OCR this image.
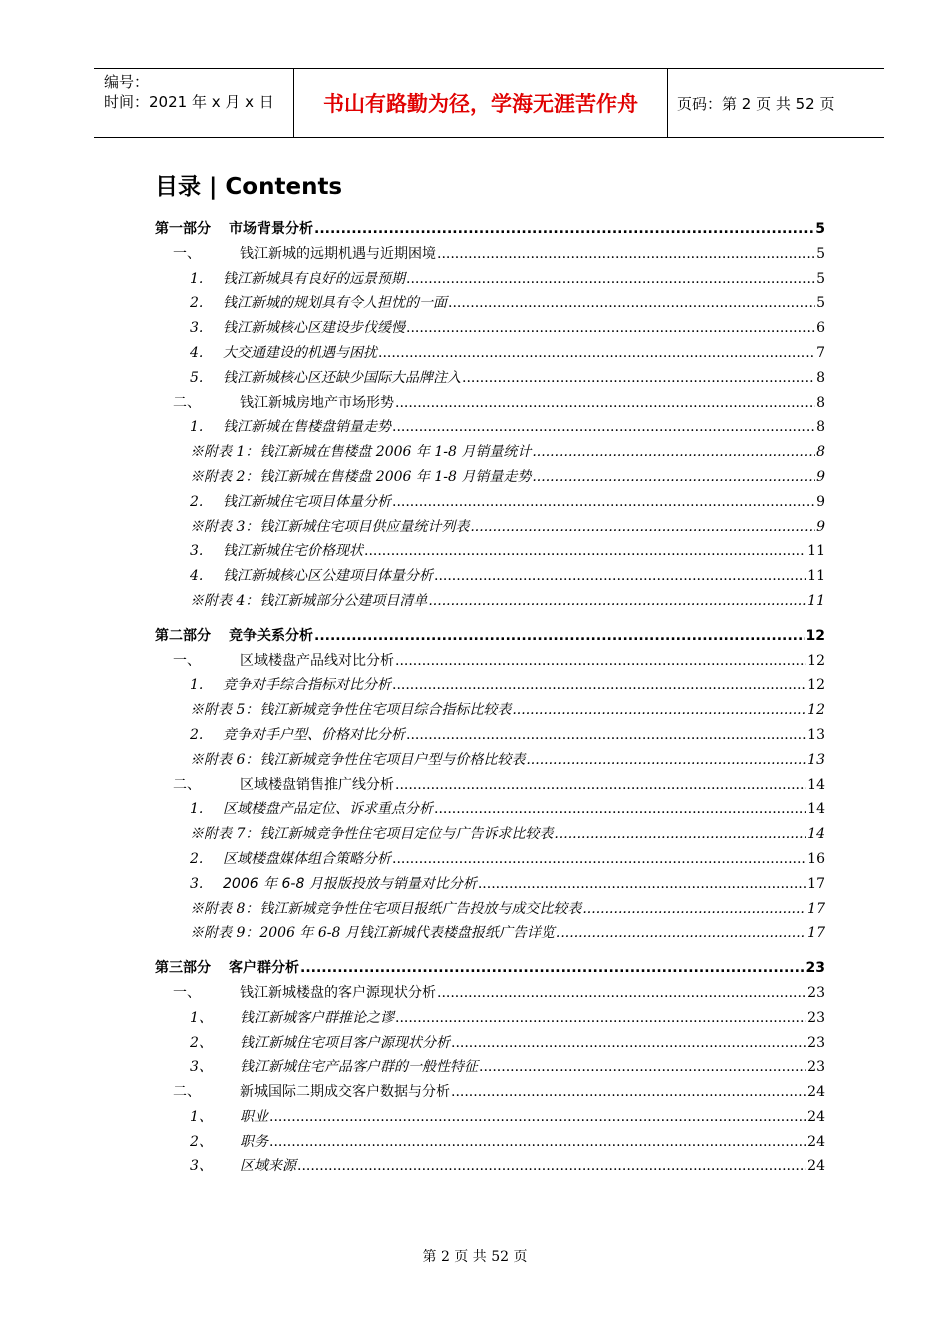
编号：
时间：2021 年 x 月 x 日	书山有路勤为径，学海无涯苦作舟	页码：第 2 页 共 52 页
目录 | Contents
第一部分	市场背景分析 .....	5
一、	钱江新城的远期机遇与近期困境 .....	5
1.	钱江新城具有良好的远景预期 .....	5
2.	钱江新城的规划具有令人担忧的一面 .....	5
3.	钱江新城核心区建设步伐缓慢 .....	6
4.	大交通建设的机遇与困扰 .....	7
5.	钱江新城核心区还缺少国际大品牌注入 .....	8
二、	钱江新城房地产市场形势 .....	8
1.	钱江新城在售楼盘销量走势 .....	8
※附表 1：钱江新城在售楼盘 2006 年 1-8 月销量统计 .....	8
※附表 2：钱江新城在售楼盘 2006 年 1-8 月销量走势 .....	9
2.	钱江新城住宅项目体量分析 .....	9
※附表 3：钱江新城住宅项目供应量统计列表 .....	9
3.	钱江新城住宅价格现状 .....	11
4.	钱江新城核心区公建项目体量分析 .....	11
※附表 4：钱江新城部分公建项目清单 .....	11
第二部分	竞争关系分析 .....	12
一、	区域楼盘产品线对比分析 .....	12
1.	竞争对手综合指标对比分析 .....	12
※附表 5：钱江新城竞争性住宅项目综合指标比较表 .....	12
2.	竞争对手户型、价格对比分析 .....	13
※附表 6：钱江新城竞争性住宅项目户型与价格比较表 .....	13
二、	区域楼盘销售推广线分析 .....	14
1.	区域楼盘产品定位、诉求重点分析 .....	14
※附表 7：钱江新城竞争性住宅项目定位与广告诉求比较表 .....	14
2.	区域楼盘媒体组合策略分析 .....	16
3.	2006 年 6-8 月报版投放与销量对比分析 .....	17
※附表 8：钱江新城竞争性住宅项目报纸广告投放与成交比较表 .....	17
※附表 9：2006 年 6-8 月钱江新城代表楼盘报纸广告详览 .....	17
第三部分	客户群分析 .....	23
一、	钱江新城楼盘的客户源现状分析 .....	23
1、	钱江新城客户群推论之谬 .....	23
2、	钱江新城住宅项目客户源现状分析 .....	23
3、	钱江新城住宅产品客户群的一般性特征 .....	23
二、	新城国际二期成交客户数据与分析 .....	24
1、	职业 .....	24
2、	职务 .....	24
3、	区域来源 .....	24
第 2 页 共 52 页
